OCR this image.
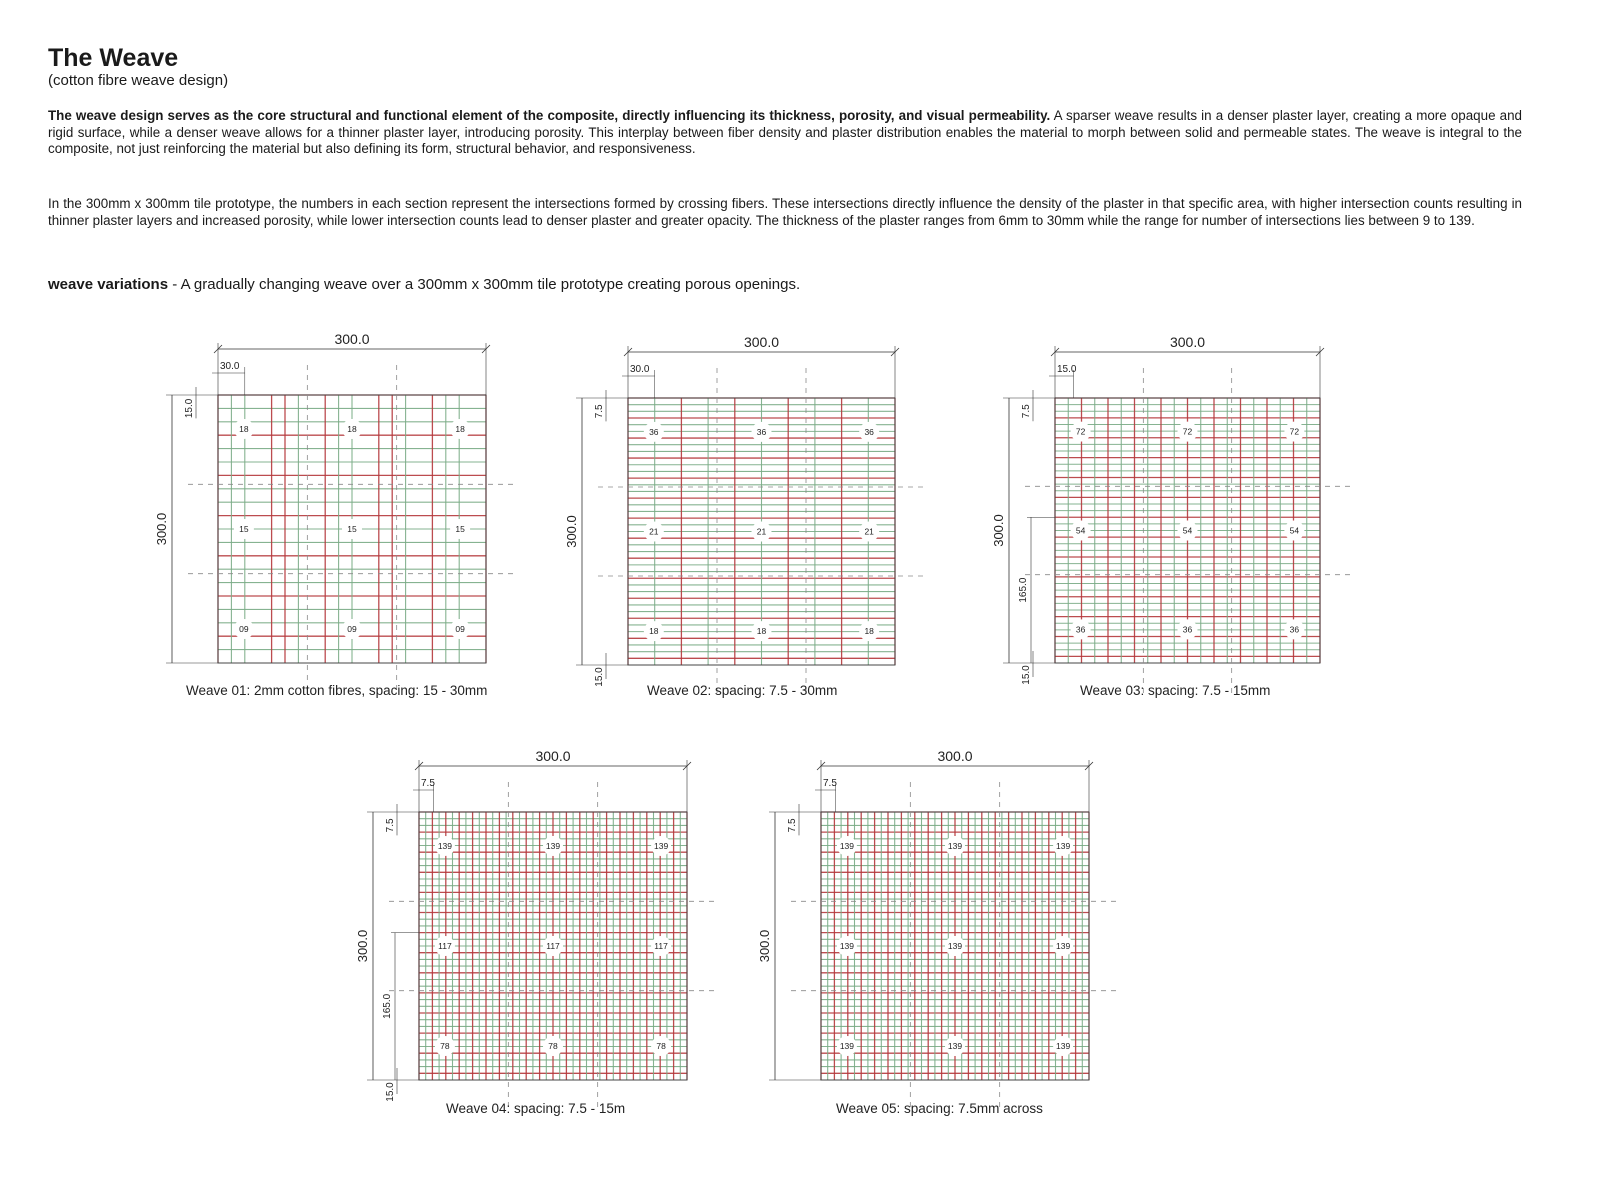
The Weave
(cotton fibre weave design)

The weave design serves as the core structural and functional element of the composite, directly influencing its thickness, porosity, and visual permeability. A sparser weave results in a denser plaster layer, creating a more opaque and rigid surface, while a denser weave allows for a thinner plaster layer, introducing porosity. This interplay between fiber density and plaster distribution enables the material to morph between solid and permeable states. The weave is integral to the composite, not just reinforcing the material but also defining its form, structural behavior, and responsiveness.

In the 300mm x 300mm tile prototype, the numbers in each section represent the intersections formed by crossing fibers. These intersections directly influence the density of the plaster in that specific area, with higher intersection counts resulting in thinner plaster layers and increased porosity, while lower intersection counts lead to denser plaster and greater opacity. The thickness of the plaster ranges from 6mm to 30mm while the range for number of intersections lies between 9 to 139.

weave variations - A gradually changing weave over a 300mm x 300mm tile prototype creating porous openings.
18	18	18
15	15	15
09	09	09
300.0
30.0
300.0
15.0
Weave 01: 2mm cotton fibres, spacing: 15 - 30mm
36	36	36
21	21	21
18	18	18
300.0
30.0
300.0
7.5
15.0
Weave 02: spacing: 7.5 - 30mm
72	72	72
54	54	54
36	36	36
300.0
15.0
300.0
7.5
165.0
15.0
Weave 03: spacing: 7.5 - 15mm
139	139	139
117	117	117
78	78	78
300.0
7.5
300.0
7.5
165.0
15.0
Weave 04: spacing: 7.5 - 15m
139	139	139
139	139	139
139	139	139
300.0
7.5
300.0
7.5
Weave 05: spacing: 7.5mm across
